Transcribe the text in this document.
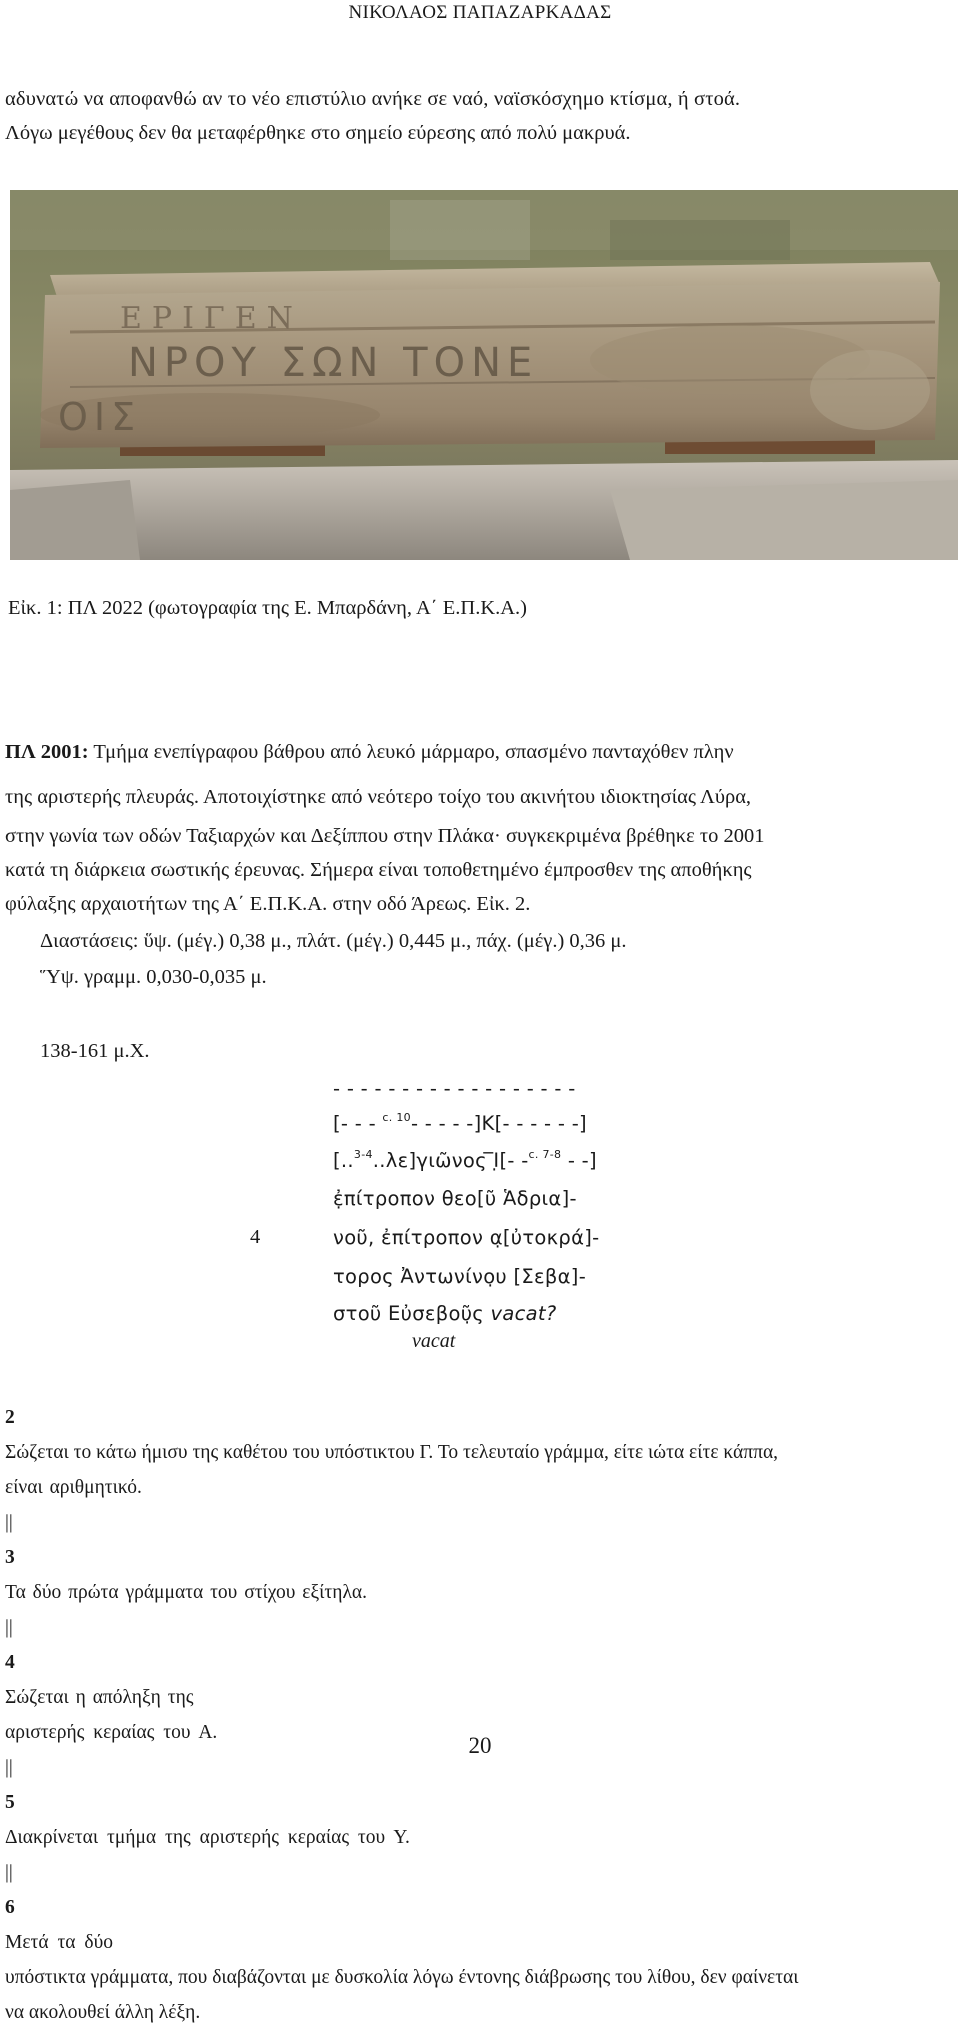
ΝΙΚΟΛΑΟΣ ΠΑΠΑΖΑΡΚΑΔΑΣ
αδυνατώ να αποφανθώ αν το νέο επιστύλιο ανήκε σε ναό, ναϊσκόσχημο κτίσμα, ή στοά.
Λόγω μεγέθους δεν θα μεταφέρθηκε στο σημείο εύρεσης από πολύ μακρυά.
ΕΡΙΓΕΝ
ΝΡΟΥ ΣΩΝ ΤΟΝΕ
ΟΙΣ
Εἰκ. 1: ΠΛ 2022 (φωτογραφία της Ε. Μπαρδάνη, Α΄ Ε.Π.Κ.Α.)
ΠΛ 2001: Τμήμα ενεπίγραφου βάθρου από λευκό μάρμαρο, σπασμένο πανταχόθεν πλην
της αριστερής πλευράς. Αποτοιχίστηκε από νεότερο τοίχο του ακινήτου ιδιοκτησίας Λύρα,
στην γωνία των οδών Ταξιαρχών και Δεξίππου στην Πλάκα· συγκεκριμένα βρέθηκε το 2001
κατά τη διάρκεια σωστικής έρευνας. Σήμερα είναι τοποθετημένο έμπροσθεν της αποθήκης
φύλαξης αρχαιοτήτων της Α΄ Ε.Π.Κ.Α. στην οδό Άρεως. Εἰκ. 2.
Διαστάσεις: ὕψ. (μέγ.) 0,38 μ., πλάτ. (μέγ.) 0,445 μ., πάχ. (μέγ.) 0,36 μ.
Ὕψ. γραμμ. 0,030-0,035 μ.
138-161 μ.Χ.
- - - - - - - - - - - - - - - - - -
[- - - $^{c. 10}$- - - - -]Κ[- - - - - -]
[..$^{3-4}$..λε]γιῶνος ̅Ι̣[- -$^{c. 7-8}$ - -]
ἐ̣πίτροπον θεο[ῦ Ἁδρια]-
4	νοῦ, ἐπίτροπον α̣[ὐτοκρά]-
τορος Ἀντωνίνο̣υ [Σεβα]-
στοῦ Εὐσεβοῦ̣ς vacat?
vacat
2
Σώζεται το κάτω ήμισυ της καθέτου του υπόστικτου Γ. Το τελευταίο γράμμα, είτε ιώτα είτε κάππα,
είναι αριθμητικό.
||
3
Τα δύο πρώτα γράμματα του στίχου εξίτηλα.
||
4
Σώζεται η απόληξη της
αριστερής κεραίας του Α.
||
5
Διακρίνεται τμήμα της αριστερής κεραίας του Υ.
||
6
Μετά τα δύο
υπόστικτα γράμματα, που διαβάζονται με δυσκολία λόγω έντονης διάβρωσης του λίθου, δεν φαίνεται
να ακολουθεί άλλη λέξη.
20
